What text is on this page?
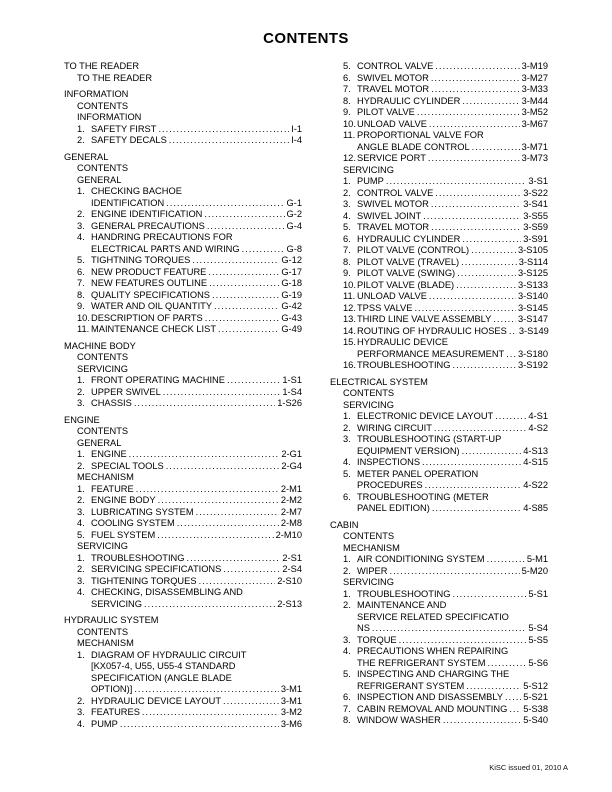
CONTENTS
TO THE READER
TO THE READER
INFORMATION
CONTENTS
INFORMATION
1. SAFETY FIRST .....	I-1
2. SAFETY DECALS .....	I-4
GENERAL
CONTENTS
GENERAL
1. CHECKING BACHOE
IDENTIFICATION .....	G-1
2. ENGINE IDENTIFICATION .....	G-2
3. GENERAL PRECAUTIONS .....	G-4
4. HANDRING PRECAUTIONS FOR
ELECTRICAL PARTS AND WIRING .....	G-8
5. TIGHTNING TORQUES .....	G-12
6. NEW PRODUCT FEATURE .....	G-17
7. NEW FEATURES OUTLINE .....	G-18
8. QUALITY SPECIFICATIONS .....	G-19
9. WATER AND OIL QUANTITY .....	G-42
10. DESCRIPTION OF PARTS .....	G-43
11. MAINTENANCE CHECK LIST .....	G-49
MACHINE BODY
CONTENTS
SERVICING
1. FRONT OPERATING MACHINE .....	1-S1
2. UPPER SWIVEL .....	1-S4
3. CHASSIS .....	1-S26
ENGINE
CONTENTS
GENERAL
1. ENGINE .....	2-G1
2. SPECIAL TOOLS .....	2-G4
MECHANISM
1. FEATURE .....	2-M1
2. ENGINE BODY .....	2-M2
3. LUBRICATING SYSTEM .....	2-M7
4. COOLING SYSTEM .....	2-M8
5. FUEL SYSTEM .....	2-M10
SERVICING
1. TROUBLESHOOTING .....	2-S1
2. SERVICING SPECIFICATIONS .....	2-S4
3. TIGHTENING TORQUES .....	2-S10
4. CHECKING, DISASSEMBLING AND
SERVICING .....	2-S13
HYDRAULIC SYSTEM
CONTENTS
MECHANISM
1. DIAGRAM OF HYDRAULIC CIRCUIT
[KX057-4, U55, U55-4 STANDARD
SPECIFICATION (ANGLE BLADE
OPTION)] .....	3-M1
2. HYDRAULIC DEVICE LAYOUT .....	3-M1
3. FEATURES .....	3-M2
4. PUMP .....	3-M6
5. CONTROL VALVE .....	3-M19
6. SWIVEL MOTOR .....	3-M27
7. TRAVEL MOTOR .....	3-M33
8. HYDRAULIC CYLINDER .....	3-M44
9. PILOT VALVE .....	3-M52
10. UNLOAD VALVE .....	3-M67
11. PROPORTIONAL VALVE FOR
ANGLE BLADE CONTROL .....	3-M71
12. SERVICE PORT .....	3-M73
SERVICING
1. PUMP .....	3-S1
2. CONTROL VALVE .....	3-S22
3. SWIVEL MOTOR .....	3-S41
4. SWIVEL JOINT .....	3-S55
5. TRAVEL MOTOR .....	3-S59
6. HYDRAULIC CYLINDER .....	3-S91
7. PILOT VALVE (CONTROL) .....	3-S105
8. PILOT VALVE (TRAVEL) .....	3-S114
9. PILOT VALVE (SWING) .....	3-S125
10. PILOT VALVE (BLADE) .....	3-S133
11. UNLOAD VALVE .....	3-S140
12. TPSS VALVE .....	3-S145
13. THIRD LINE VALVE ASSEMBLY .....	3-S147
14. ROUTING OF HYDRAULIC HOSES ..... 3-S149
15. HYDRAULIC DEVICE
PERFORMANCE MEASUREMENT ..... 3-S180
16. TROUBLESHOOTING .....	3-S192
ELECTRICAL SYSTEM
CONTENTS
SERVICING
1. ELECTRONIC DEVICE LAYOUT .....	4-S1
2. WIRING CIRCUIT .....	4-S2
3. TROUBLESHOOTING (START-UP
EQUIPMENT VERSION) .....	4-S13
4. INSPECTIONS .....	4-S15
5. METER PANEL OPERATION
PROCEDURES .....	4-S22
6. TROUBLESHOOTING (METER
PANEL EDITION) .....	4-S85
CABIN
CONTENTS
MECHANISM
1. AIR CONDITIONING SYSTEM .....	5-M1
2. WIPER .....	5-M20
SERVICING
1. TROUBLESHOOTING .....	5-S1
2. MAINTENANCE AND
SERVICE RELATED SPECIFICATIO
NS .....	5-S4
3. TORQUE .....	5-S5
4. PRECAUTIONS WHEN REPAIRING
THE REFRIGERANT SYSTEM .....	5-S6
5. INSPECTING AND CHARGING THE
REFRIGERANT SYSTEM .....	5-S12
6. INSPECTION AND DISASSEMBLY ..... 5-S21
7. CABIN REMOVAL AND MOUNTING ..... 5-S38
8. WINDOW WASHER .....	5-S40
KiSC issued 01, 2010 A
